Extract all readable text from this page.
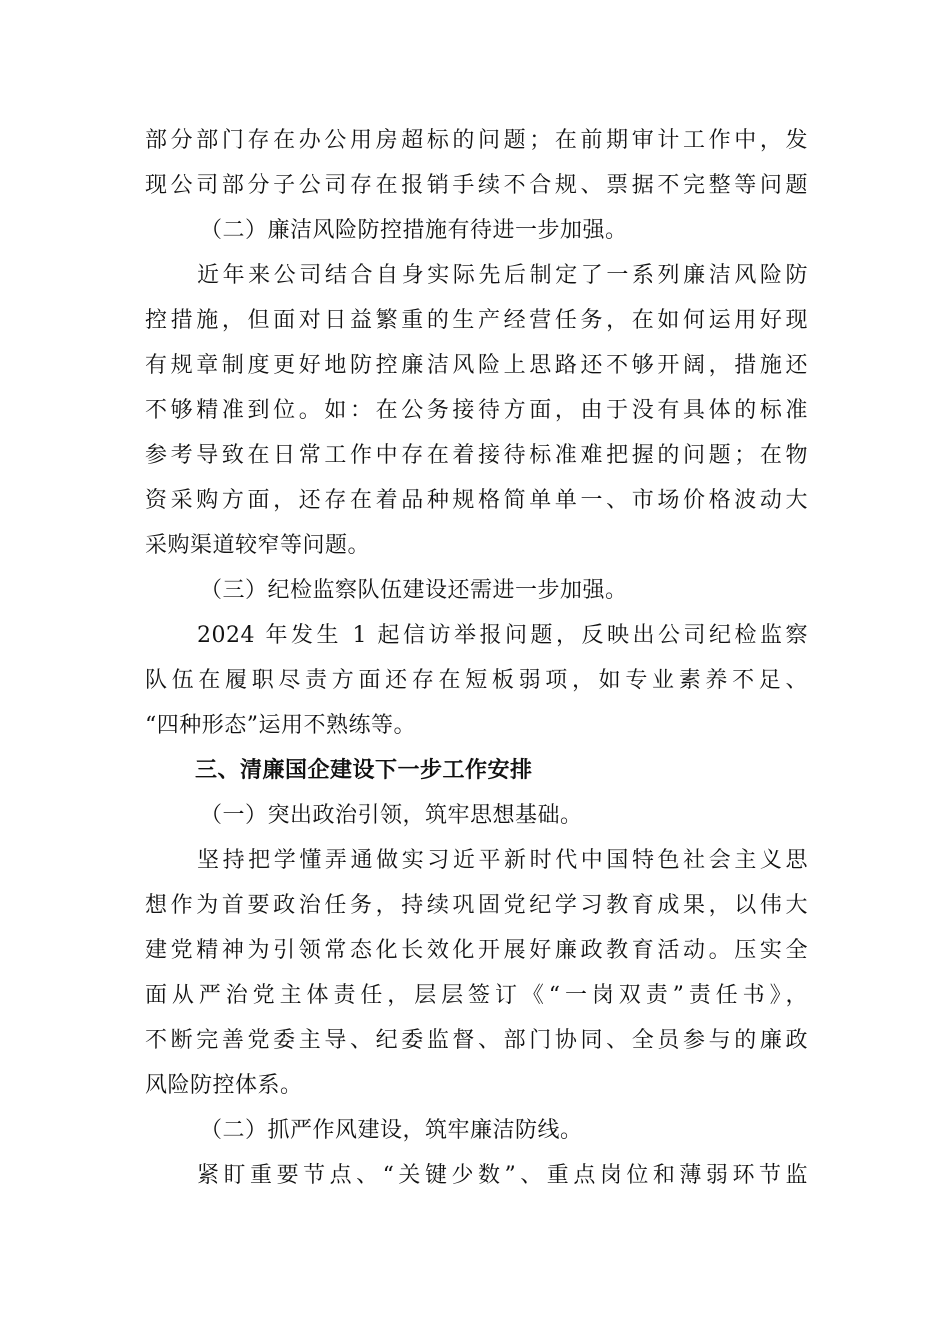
部分部门存在办公用房超标的问题；在前期审计工作中，发
现公司部分子公司存在报销手续不合规、票据不完整等问题
（二）廉洁风险防控措施有待进一步加强。
近年来公司结合自身实际先后制定了一系列廉洁风险防
控措施，但面对日益繁重的生产经营任务，在如何运用好现
有规章制度更好地防控廉洁风险上思路还不够开阔，措施还
不够精准到位。如：在公务接待方面，由于没有具体的标准
参考导致在日常工作中存在着接待标准难把握的问题；在物
资采购方面，还存在着品种规格简单单一、市场价格波动大
采购渠道较窄等问题。
（三）纪检监察队伍建设还需进一步加强。
2024 年发生 1 起信访举报问题，反映出公司纪检监察
队伍在履职尽责方面还存在短板弱项，如专业素养不足、
“四种形态”运用不熟练等。
三、清廉国企建设下一步工作安排
（一）突出政治引领，筑牢思想基础。
坚持把学懂弄通做实习近平新时代中国特色社会主义思
想作为首要政治任务，持续巩固党纪学习教育成果，以伟大
建党精神为引领常态化长效化开展好廉政教育活动。压实全
面从严治党主体责任，层层签订《“一岗双责”责任书》，
不断完善党委主导、纪委监督、部门协同、全员参与的廉政
风险防控体系。
（二）抓严作风建设，筑牢廉洁防线。
紧盯重要节点、“关键少数”、重点岗位和薄弱环节监
